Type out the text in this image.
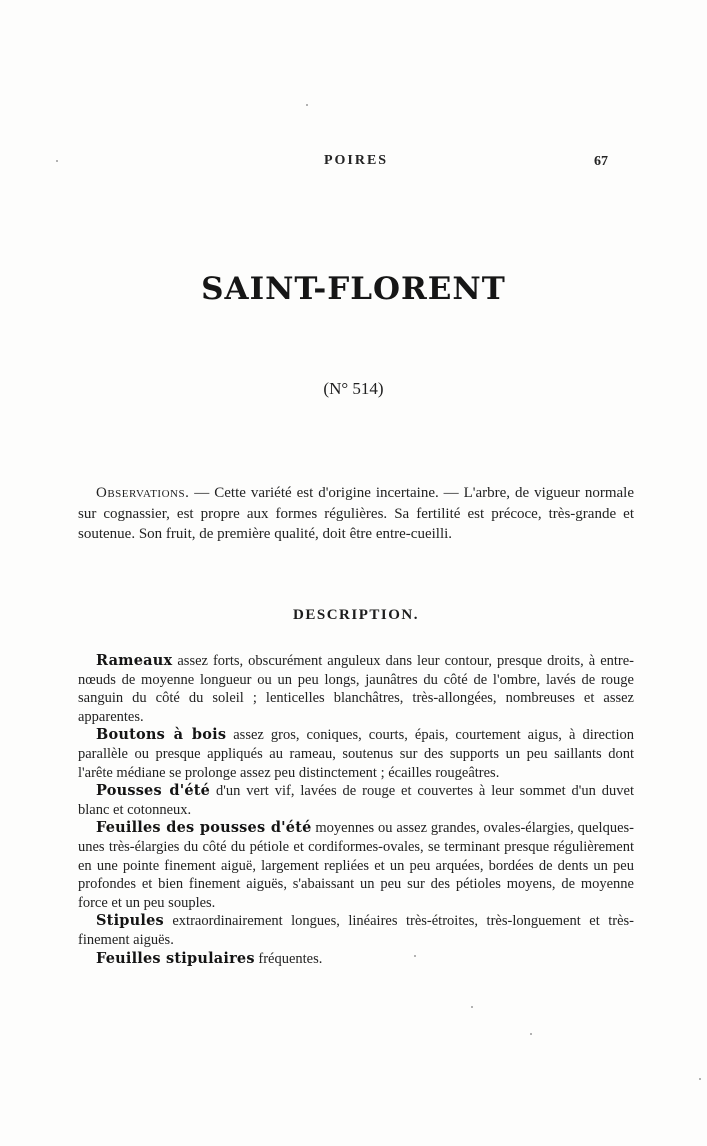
POIRES	67
SAINT-FLORENT
(N° 514)

Observations. — Cette variété est d'origine incertaine. — L'arbre, de vigueur normale sur cognassier, est propre aux formes régulières. Sa fertilité est précoce, très-grande et soutenue. Son fruit, de première qualité, doit être entre-cueilli.

DESCRIPTION.

Rameaux assez forts, obscurément anguleux dans leur contour, presque droits, à entre-nœuds de moyenne longueur ou un peu longs, jaunâtres du côté de l'ombre, lavés de rouge sanguin du côté du soleil ; lenticelles blanchâtres, très-allongées, nombreuses et assez apparentes.

Boutons à bois assez gros, coniques, courts, épais, courtement aigus, à direction parallèle ou presque appliqués au rameau, soutenus sur des supports un peu saillants dont l'arête médiane se prolonge assez peu distinctement ; écailles rougeâtres.

Pousses d'été d'un vert vif, lavées de rouge et couvertes à leur sommet d'un duvet blanc et cotonneux.

Feuilles des pousses d'été moyennes ou assez grandes, ovales-élargies, quelques-unes très-élargies du côté du pétiole et cordiformes-ovales, se terminant presque régulièrement en une pointe finement aiguë, largement repliées et un peu arquées, bordées de dents un peu profondes et bien finement aiguës, s'abaissant un peu sur des pétioles moyens, de moyenne force et un peu souples.

Stipules extraordinairement longues, linéaires très-étroites, très-longuement et très-finement aiguës.

Feuilles stipulaires fréquentes.
